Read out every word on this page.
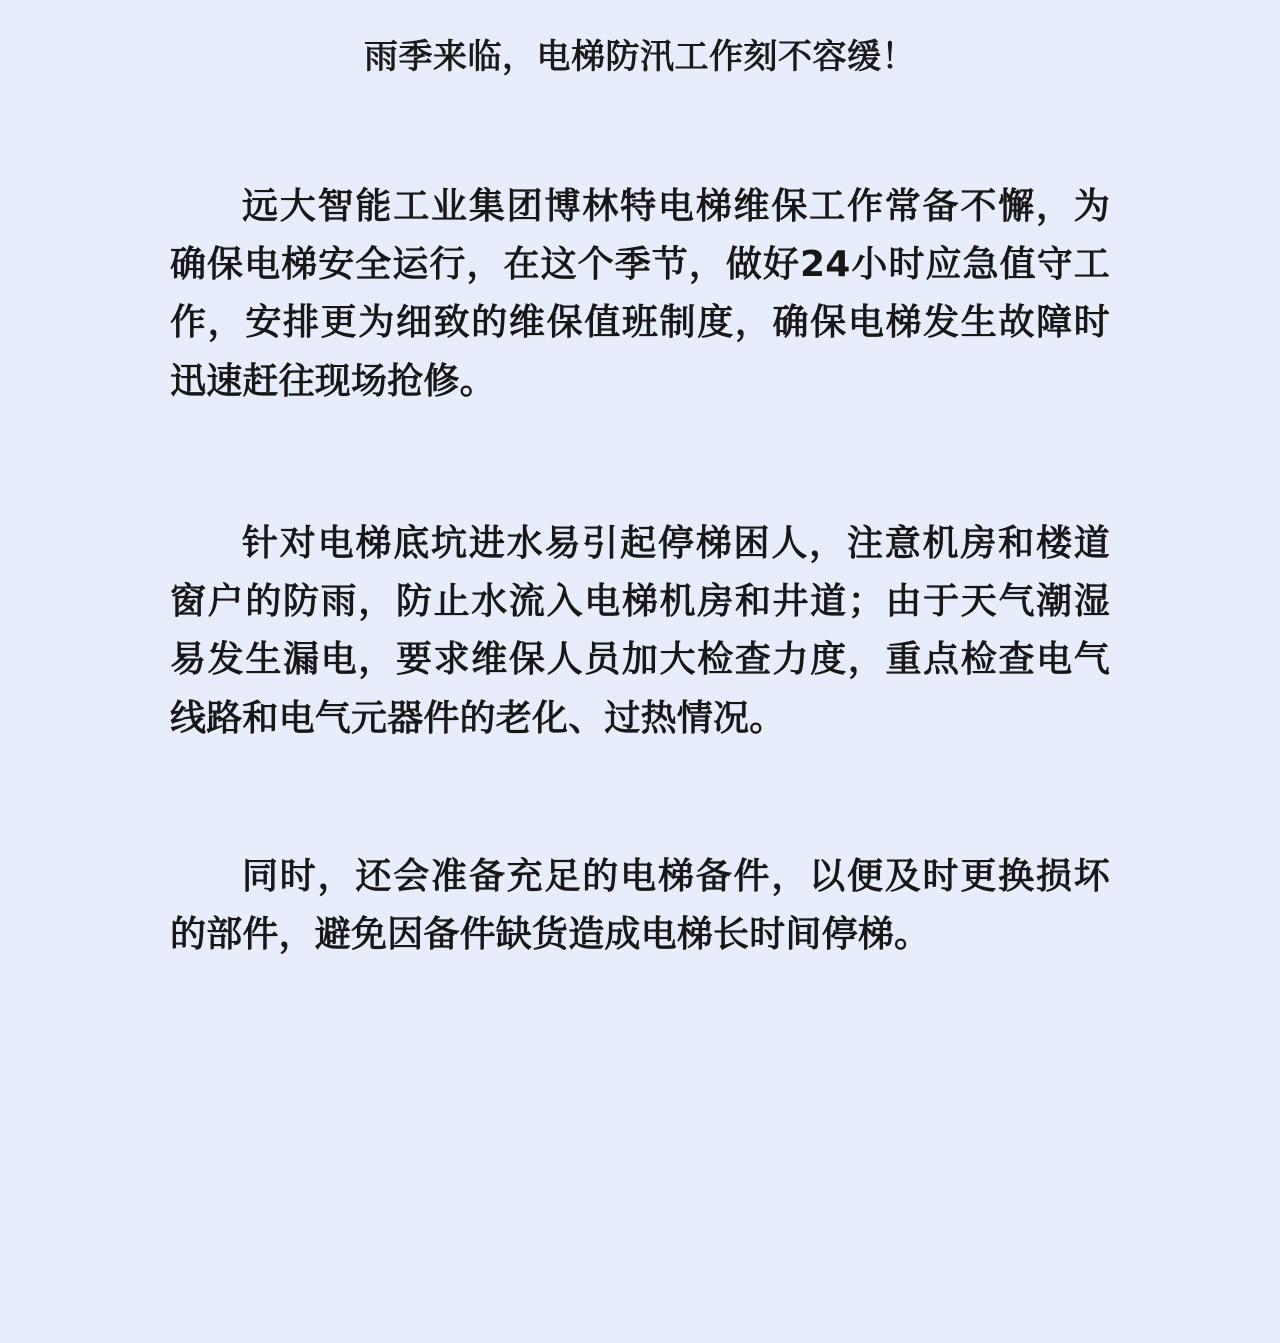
雨季来临，电梯防汛工作刻不容缓！

远大智能工业集团博林特电梯维保工作常备不懈，为确保电梯安全运行，在这个季节，做好24小时应急值守工作，安排更为细致的维保值班制度，确保电梯发生故障时迅速赶往现场抢修。

针对电梯底坑进水易引起停梯困人，注意机房和楼道窗户的防雨，防止水流入电梯机房和井道；由于天气潮湿易发生漏电，要求维保人员加大检查力度，重点检查电气线路和电气元器件的老化、过热情况。

同时，还会准备充足的电梯备件，以便及时更换损坏的部件，避免因备件缺货造成电梯长时间停梯。
